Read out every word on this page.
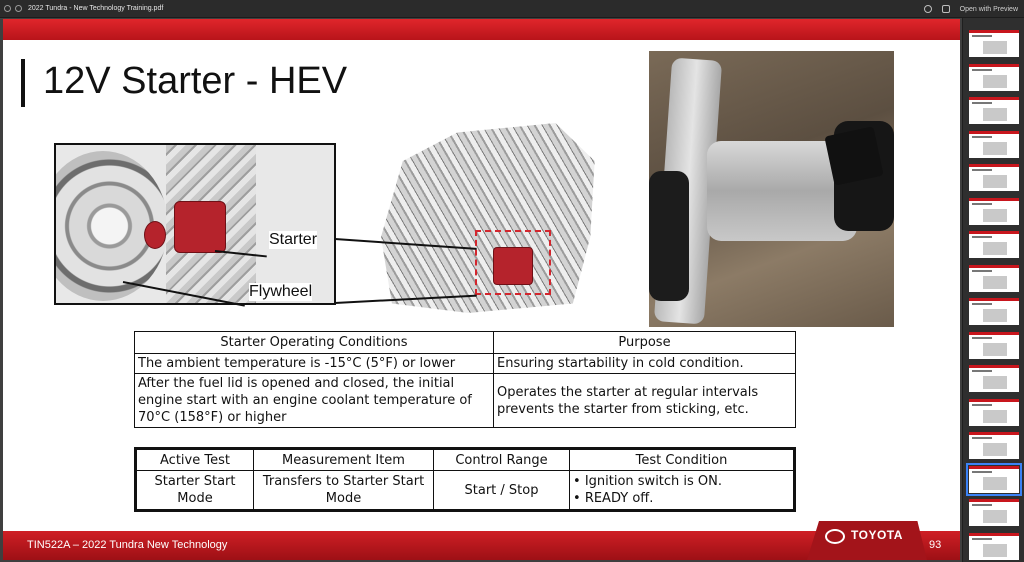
2022 Tundra - New Technology Training.pdf	Open with Preview
12V Starter - HEV
Starter
Flywheel
Starter Operating Conditions	Purpose
The ambient temperature is -15°C (5°F) or lower	Ensuring startability in cold condition.
After the fuel lid is opened and closed, the initial engine start with an engine coolant temperature of 70°C (158°F) or higher	Operates the starter at regular intervals prevents the starter from sticking, etc.
Active Test	Measurement Item	Control Range	Test Condition
Starter Start Mode	Transfers to Starter Start Mode	Start / Stop	• Ignition switch is ON.
• READY off.
TIN522A – 2022 Tundra New Technology
TOYOTA
93
